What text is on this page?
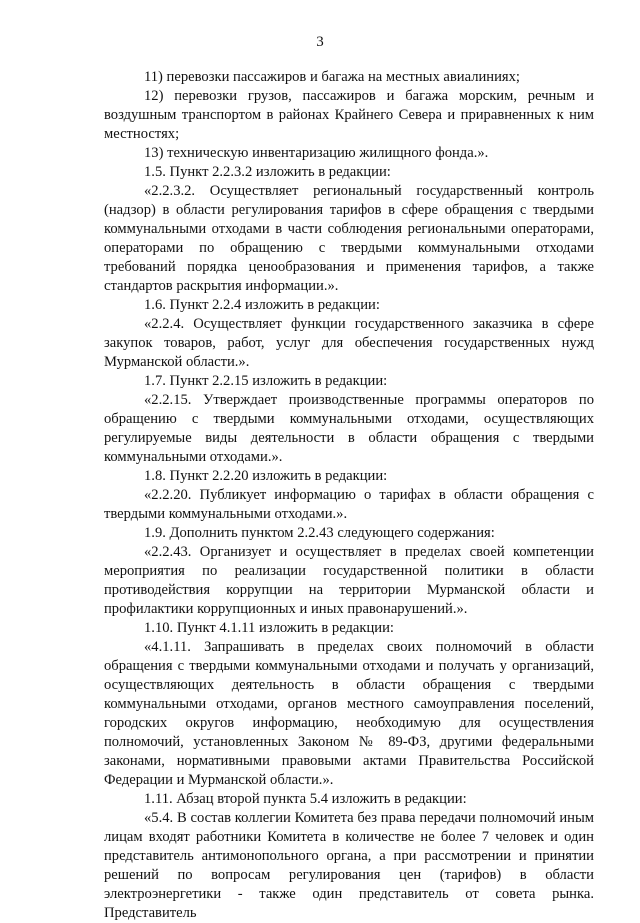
3

11) перевозки пассажиров и багажа на местных авиалиниях;

12) перевозки грузов, пассажиров и багажа морским, речным и воздушным транспортом в районах Крайнего Севера и приравненных к ним местностях;

13) техническую инвентаризацию жилищного фонда.».

1.5. Пункт 2.2.3.2 изложить в редакции:

«2.2.3.2. Осуществляет региональный государственный контроль (надзор) в области регулирования тарифов в сфере обращения с твердыми коммунальными отходами в части соблюдения региональными операторами, операторами по обращению с твердыми коммунальными отходами требований порядка ценообразования и применения тарифов, а также стандартов раскрытия информации.».

1.6. Пункт 2.2.4 изложить в редакции:

«2.2.4. Осуществляет функции государственного заказчика в сфере закупок товаров, работ, услуг для обеспечения государственных нужд Мурманской области.».

1.7. Пункт 2.2.15 изложить в редакции:

«2.2.15. Утверждает производственные программы операторов по обращению с твердыми коммунальными отходами, осуществляющих регулируемые виды деятельности в области обращения с твердыми коммунальными отходами.».

1.8. Пункт 2.2.20 изложить в редакции:

«2.2.20. Публикует информацию о тарифах в области обращения с твердыми коммунальными отходами.».

1.9. Дополнить пунктом 2.2.43 следующего содержания:

«2.2.43. Организует и осуществляет в пределах своей компетенции мероприятия по реализации государственной политики в области противодействия коррупции на территории Мурманской области и профилактики коррупционных и иных правонарушений.».

1.10. Пункт 4.1.11 изложить в редакции:

«4.1.11. Запрашивать в пределах своих полномочий в области обращения с твердыми коммунальными отходами и получать у организаций, осуществляющих деятельность в области обращения с твердыми коммунальными отходами, органов местного самоуправления поселений, городских округов информацию, необходимую для осуществления полномочий, установленных Законом № 89-ФЗ, другими федеральными законами, нормативными правовыми актами Правительства Российской Федерации и Мурманской области.».

1.11. Абзац второй пункта 5.4 изложить в редакции:

«5.4. В состав коллегии Комитета без права передачи полномочий иным лицам входят работники Комитета в количестве не более 7 человек и один представитель антимонопольного органа, а при рассмотрении и принятии решений по вопросам регулирования цен (тарифов) в области электроэнергетики - также один представитель от совета рынка. Представитель
